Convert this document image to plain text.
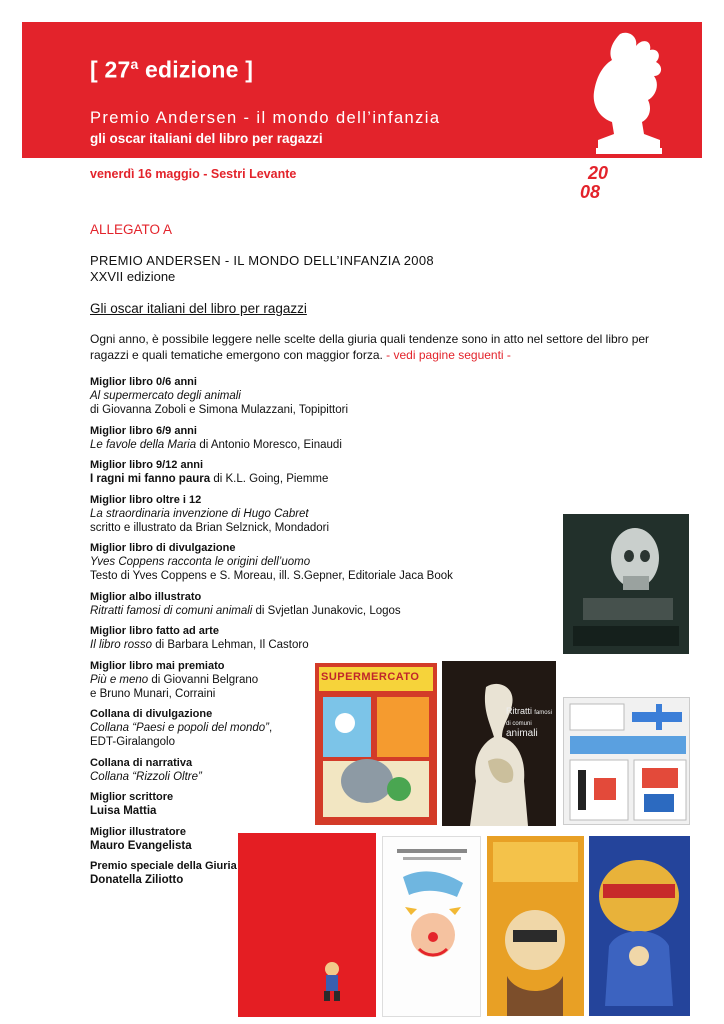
[ 27$^a$ edizione ]
Premio Andersen - il mondo dell’infanzia
gli oscar italiani del libro per ragazzi
20
08
venerdì 16 maggio - Sestri Levante
ALLEGATO A
PREMIO ANDERSEN - IL MONDO DELL’INFANZIA 2008
XXVII edizione
Gli oscar italiani del libro per ragazzi
Ogni anno, è possibile leggere nelle scelte della giuria quali tendenze sono in atto nel settore del libro per ragazzi e quali tematiche emergono con maggior forza. - vedi pagine seguenti -
Miglior libro 0/6 anni
Al supermercato degli animali
di Giovanna Zoboli e Simona Mulazzani, Topipittori
Miglior libro 6/9 anni
Le favole della Maria di Antonio Moresco, Einaudi
Miglior libro 9/12 anni
I ragni mi fanno paura di K.L. Going, Piemme
Miglior libro oltre i 12
La straordinaria invenzione di Hugo Cabret
scritto e illustrato da Brian Selznick, Mondadori
Miglior libro di divulgazione
Yves Coppens racconta le origini dell’uomo
Testo di Yves Coppens e S. Moreau, ill. S.Gepner, Editoriale Jaca Book
Miglior albo illustrato
Ritratti famosi di comuni animali di Svjetlan Junakovic, Logos
Miglior libro fatto ad arte
Il libro rosso di Barbara Lehman, Il Castoro
Miglior libro mai premiato
Più e meno di Giovanni Belgrano
e Bruno Munari, Corraini
Collana di divulgazione
Collana “Paesi e popoli del mondo”,
EDT-Giralangolo
Collana di narrativa
Collana “Rizzoli Oltre”
Miglior scrittore
Luisa Mattia
Miglior illustratore
Mauro Evangelista
Premio speciale della Giuria
Donatella Ziliotto
SUPERMERCATO
Ritratti famosi
di comuni animali
